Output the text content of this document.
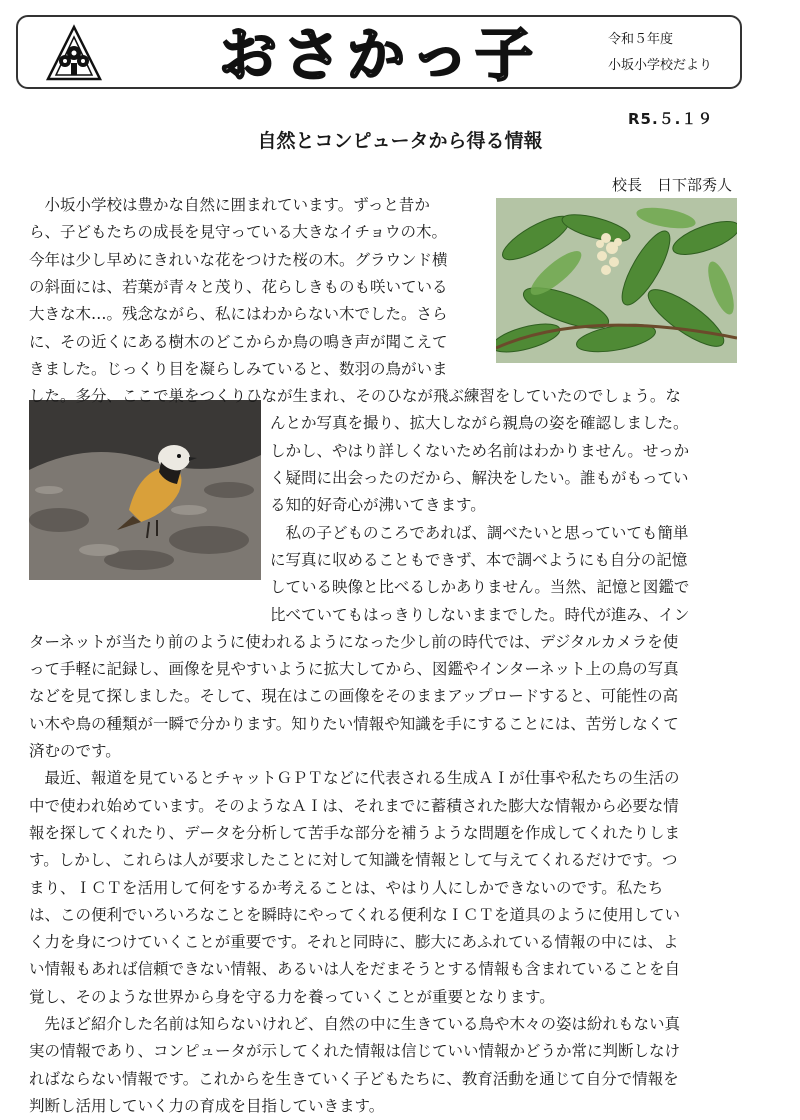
おさかっ子	令和５年度
小坂小学校だより
R5.５.１９
自然とコンピュータから得る情報
校長　日下部秀人
　小坂小学校は豊かな自然に囲まれています。ずっと昔か
ら、子どもたちの成長を見守っている大きなイチョウの木。
今年は少し早めにきれいな花をつけた桜の木。グラウンド横
の斜面には、若葉が青々と茂り、花らしきものも咲いている
大きな木…。残念ながら、私にはわからない木でした。さら
に、その近くにある樹木のどこからか鳥の鳴き声が聞こえて
きました。じっくり目を凝らしみていると、数羽の鳥がいま
した。多分、ここで巣をつくりひなが生まれ、そのひなが飛ぶ練習をしていたのでしょう。な
んとか写真を撮り、拡大しながら親鳥の姿を確認しました。
しかし、やはり詳しくないため名前はわかりません。せっか
く疑問に出会ったのだから、解決をしたい。誰もがもってい
る知的好奇心が沸いてきます。
　私の子どものころであれば、調べたいと思っていても簡単
に写真に収めることもできず、本で調べようにも自分の記憶
している映像と比べるしかありません。当然、記憶と図鑑で
比べていてもはっきりしないままでした。時代が進み、イン
ターネットが当たり前のように使われるようになった少し前の時代では、デジタルカメラを使
って手軽に記録し、画像を見やすいように拡大してから、図鑑やインターネット上の鳥の写真
などを見て探しました。そして、現在はこの画像をそのままアップロードすると、可能性の高
い木や鳥の種類が一瞬で分かります。知りたい情報や知識を手にすることには、苦労しなくて
済むのです。
　最近、報道を見ているとチャットＧＰＴなどに代表される生成ＡＩが仕事や私たちの生活の
中で使われ始めています。そのようなＡＩは、それまでに蓄積された膨大な情報から必要な情
報を探してくれたり、データを分析して苦手な部分を補うような問題を作成してくれたりしま
す。しかし、これらは人が要求したことに対して知識を情報として与えてくれるだけです。つ
まり、ＩＣＴを活用して何をするか考えることは、やはり人にしかできないのです。私たち
は、この便利でいろいろなことを瞬時にやってくれる便利なＩＣＴを道具のように使用してい
く力を身につけていくことが重要です。それと同時に、膨大にあふれている情報の中には、よ
い情報もあれば信頼できない情報、あるいは人をだまそうとする情報も含まれていることを自
覚し、そのような世界から身を守る力を養っていくことが重要となります。
　先ほど紹介した名前は知らないけれど、自然の中に生きている鳥や木々の姿は紛れもない真
実の情報であり、コンピュータが示してくれた情報は信じていい情報かどうか常に判断しなけ
ればならない情報です。これからを生きていく子どもたちに、教育活動を通じて自分で情報を
判断し活用していく力の育成を目指していきます。
